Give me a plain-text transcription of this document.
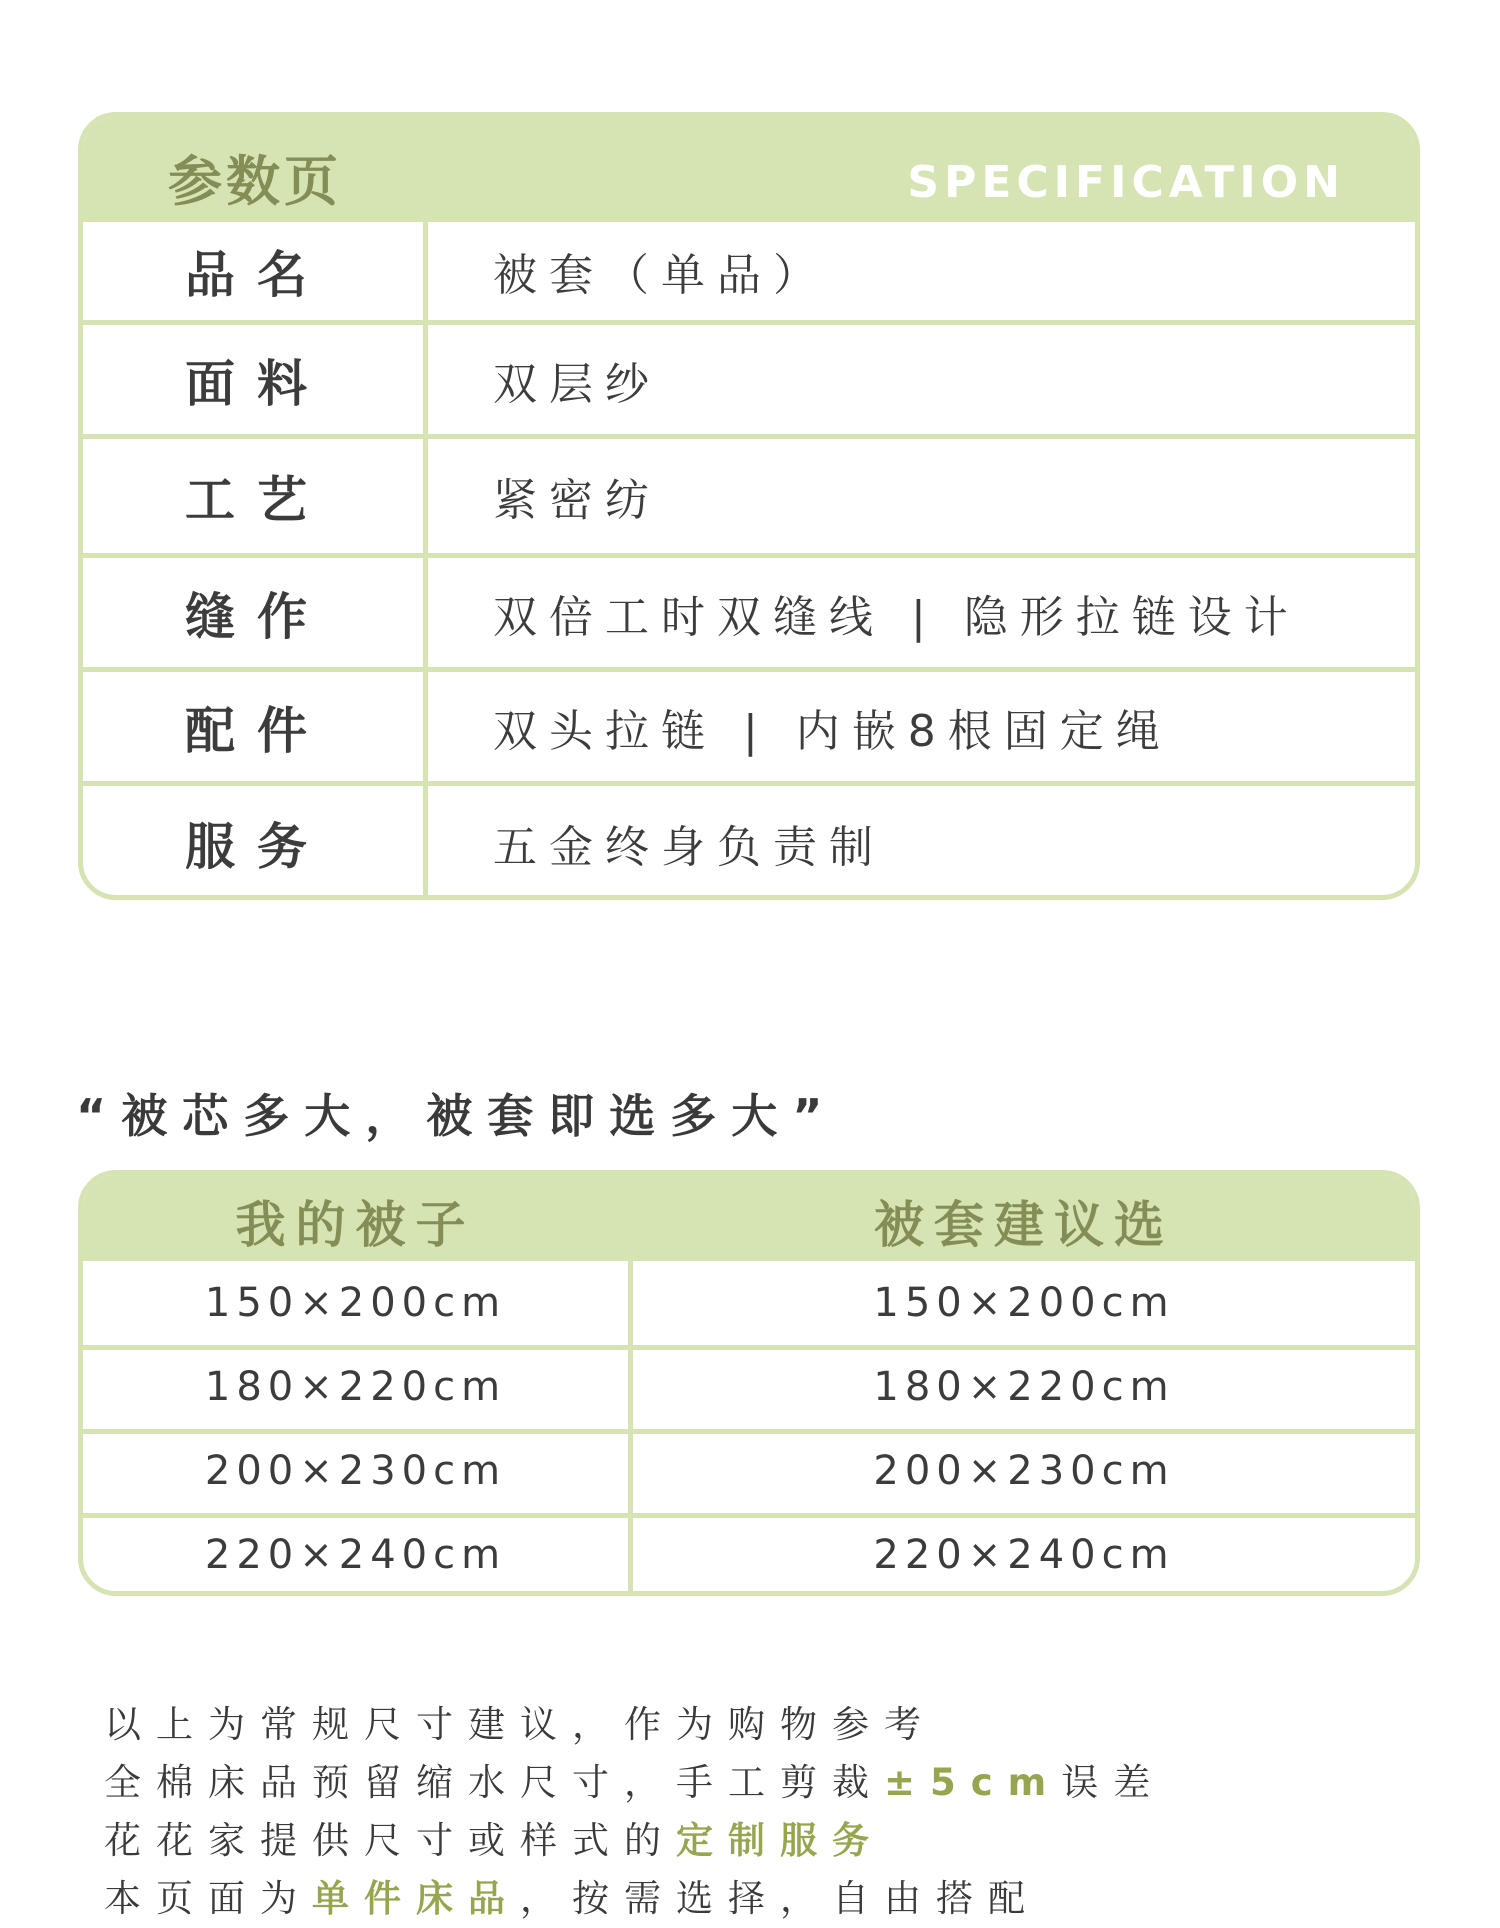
参数页	SPECIFICATION
品名	被套（单品）
面料	双层纱
工艺	紧密纺
缝作	双倍工时双缝线 | 隐形拉链设计
配件	双头拉链 | 内嵌8根固定绳
服务	五金终身负责制
“被芯多大，被套即选多大”
我的被子	被套建议选
150×200cm	150×200cm
180×220cm	180×220cm
200×230cm	200×230cm
220×240cm	220×240cm
以上为常规尺寸建议，作为购物参考
全棉床品预留缩水尺寸，手工剪裁±5cm误差
花花家提供尺寸或样式的定制服务
本页面为单件床品，按需选择，自由搭配
